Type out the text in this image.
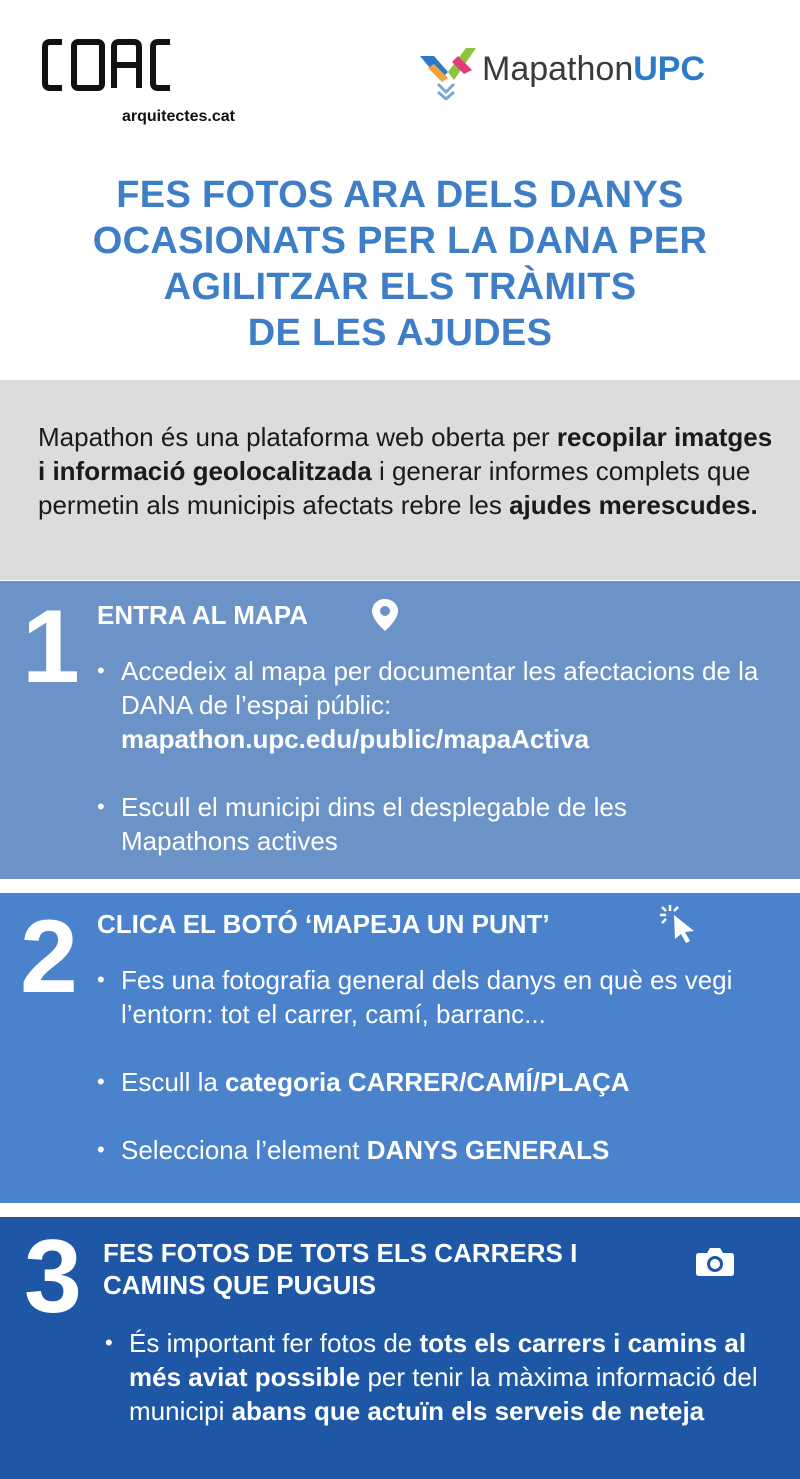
arquitectes.cat
MapathonUPC
FES FOTOS ARA DELS DANYS
OCASIONATS PER LA DANA PER
AGILITZAR ELS TRÀMITS
DE LES AJUDES

Mapathon és una plataforma web oberta per recopilar imatges i informació geolocalitzada i generar informes complets que permetin als municipis afectats rebre les ajudes merescudes.

1 ENTRA AL MAPA
• Accedeix al mapa per documentar les afectacions de la DANA de l’espai públic:
mapathon.upc.edu/public/mapaActiva
• Escull el municipi dins el desplegable de les Mapathons actives
2 CLICA EL BOTÓ ‘MAPEJA UN PUNT’
• Fes una fotografia general dels danys en què es vegi l’entorn: tot el carrer, camí, barranc...
• Escull la categoria CARRER/CAMÍ/PLAÇA
• Selecciona l’element DANYS GENERALS
3 FES FOTOS DE TOTS ELS CARRERS I
CAMINS QUE PUGUIS
• És important fer fotos de tots els carrers i camins al més aviat possible per tenir la màxima informació del municipi abans que actuïn els serveis de neteja
